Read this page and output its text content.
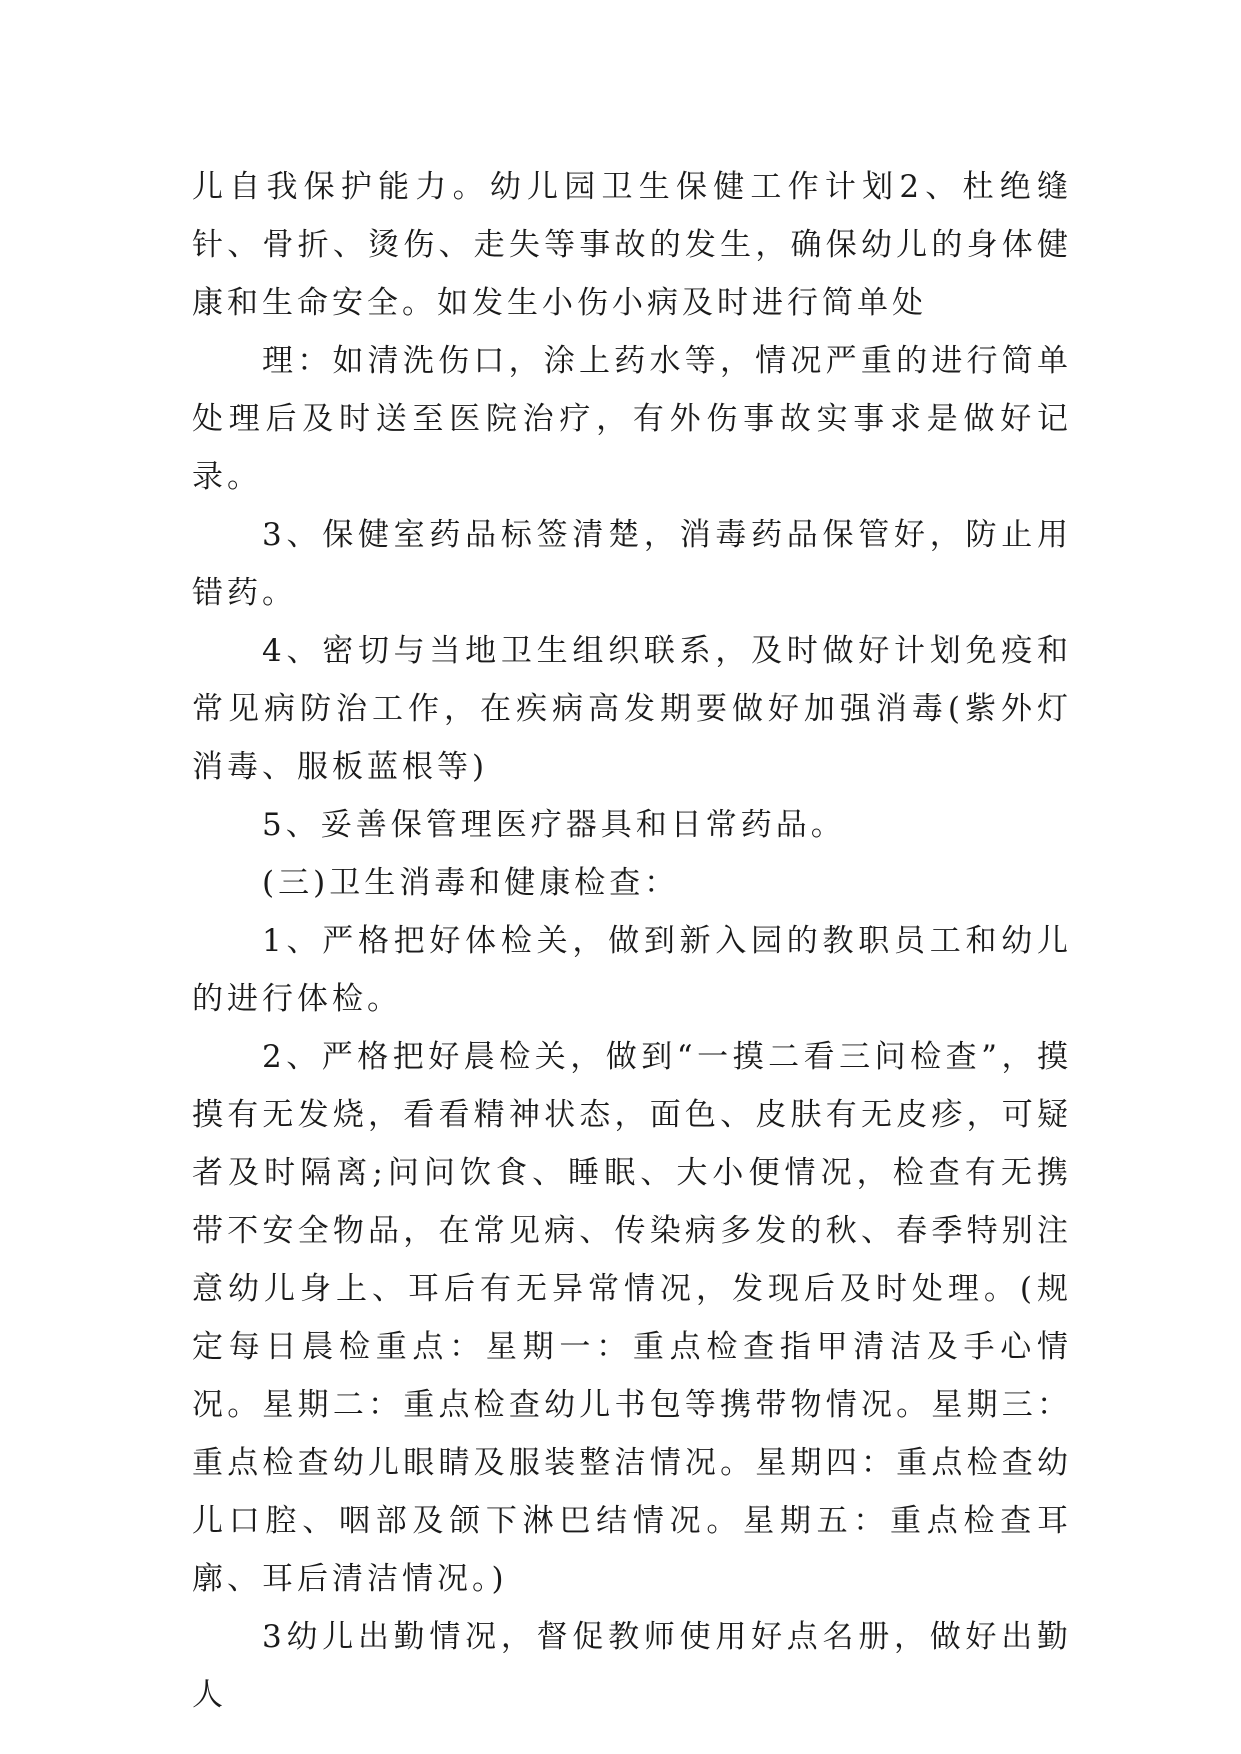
儿自我保护能力。幼儿园卫生保健工作计划2、杜绝缝针、骨折、烫伤、走失等事故的发生，确保幼儿的身体健康和生命安全。如发生小伤小病及时进行简单处

理：如清洗伤口，涂上药水等，情况严重的进行简单处理后及时送至医院治疗，有外伤事故实事求是做好记录。

3、保健室药品标签清楚，消毒药品保管好，防止用错药。

4、密切与当地卫生组织联系，及时做好计划免疫和常见病防治工作，在疾病高发期要做好加强消毒(紫外灯消毒、服板蓝根等)

5、妥善保管理医疗器具和日常药品。

(三)卫生消毒和健康检查：

1、严格把好体检关，做到新入园的教职员工和幼儿的进行体检。

2、严格把好晨检关，做到“一摸二看三问检查”，摸摸有无发烧，看看精神状态，面色、皮肤有无皮疹，可疑者及时隔离;问问饮食、睡眠、大小便情况，检查有无携带不安全物品，在常见病、传染病多发的秋、春季特别注意幼儿身上、耳后有无异常情况，发现后及时处理。(规定每日晨检重点：星期一：重点检查指甲清洁及手心情况。星期二：重点检查幼儿书包等携带物情况。星期三：重点检查幼儿眼睛及服装整洁情况。星期四：重点检查幼儿口腔、咽部及颌下淋巴结情况。星期五：重点检查耳廓、耳后清洁情况。)

3幼儿出勤情况，督促教师使用好点名册，做好出勤人
